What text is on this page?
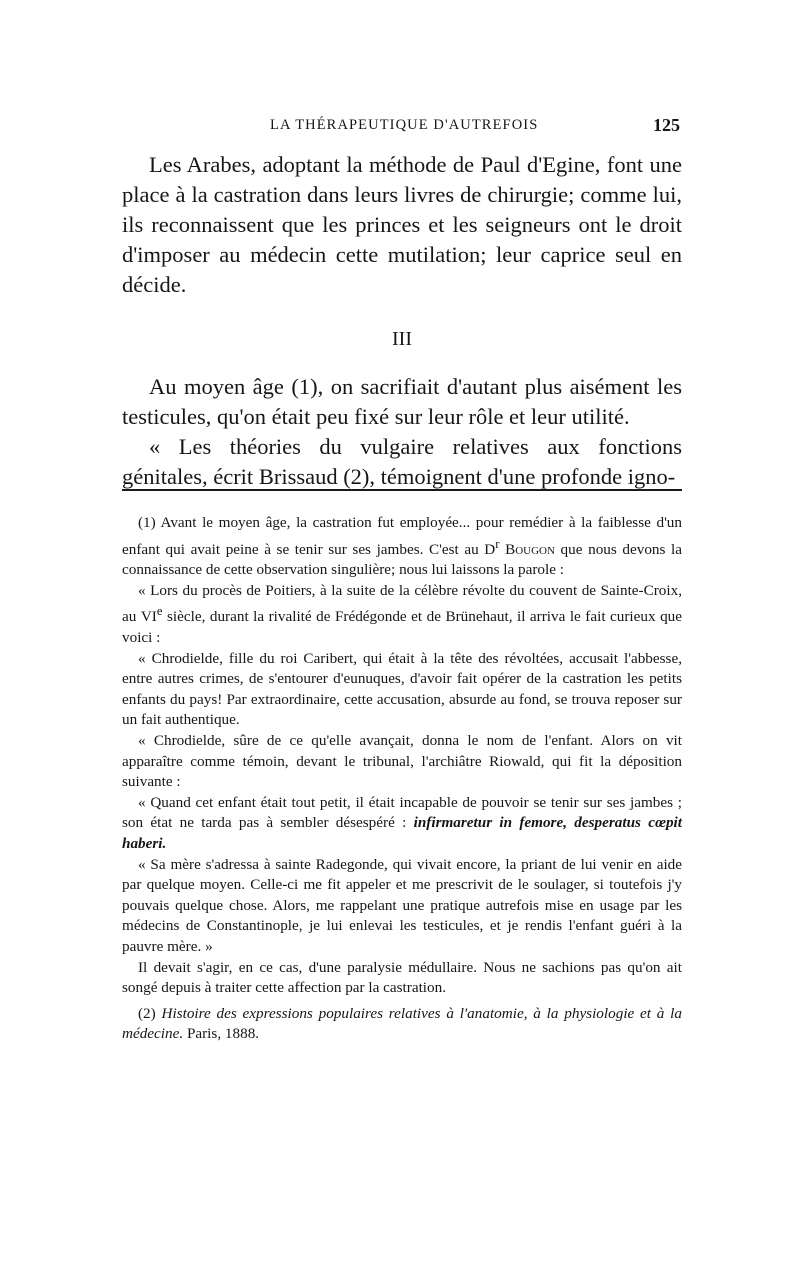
LA THÉRAPEUTIQUE D'AUTREFOIS	125

Les Arabes, adoptant la méthode de Paul d'Egine, font une place à la castration dans leurs livres de chirurgie; comme lui, ils reconnaissent que les princes et les seigneurs ont le droit d'imposer au médecin cette mutilation; leur caprice seul en décide.

III

Au moyen âge (1), on sacrifiait d'autant plus aisément les testicules, qu'on était peu fixé sur leur rôle et leur utilité.

« Les théories du vulgaire relatives aux fonctions génitales, écrit Brissaud (2), témoignent d'une profonde igno-

(1) Avant le moyen âge, la castration fut employée... pour remédier à la faiblesse d'un enfant qui avait peine à se tenir sur ses jambes. C'est au $D^r$ Bougon que nous devons la connaissance de cette observation singulière; nous lui laissons la parole :

« Lors du procès de Poitiers, à la suite de la célèbre révolte du couvent de Sainte-Croix, au VIe siècle, durant la rivalité de Frédégonde et de Brünehaut, il arriva le fait curieux que voici :

« Chrodielde, fille du roi Caribert, qui était à la tête des révoltées, accusait l'abbesse, entre autres crimes, de s'entourer d'eunuques, d'avoir fait opérer de la castration les petits enfants du pays! Par extraordinaire, cette accusation, absurde au fond, se trouva reposer sur un fait authentique.

« Chrodielde, sûre de ce qu'elle avançait, donna le nom de l'enfant. Alors on vit apparaître comme témoin, devant le tribunal, l'archiâtre Riowald, qui fit la déposition suivante :

« Quand cet enfant était tout petit, il était incapable de pouvoir se tenir sur ses jambes ; son état ne tarda pas à sembler désespéré : infirmaretur in femore, desperatus cœpit haberi.

« Sa mère s'adressa à sainte Radegonde, qui vivait encore, la priant de lui venir en aide par quelque moyen. Celle-ci me fit appeler et me prescrivit de le soulager, si toutefois j'y pouvais quelque chose. Alors, me rappelant une pratique autrefois mise en usage par les médecins de Constantinople, je lui enlevai les testicules, et je rendis l'enfant guéri à la pauvre mère. »

Il devait s'agir, en ce cas, d'une paralysie médullaire. Nous ne sachions pas qu'on ait songé depuis à traiter cette affection par la castration.

(2) Histoire des expressions populaires relatives à l'anatomie, à la physiologie et à la médecine. Paris, 1888.
